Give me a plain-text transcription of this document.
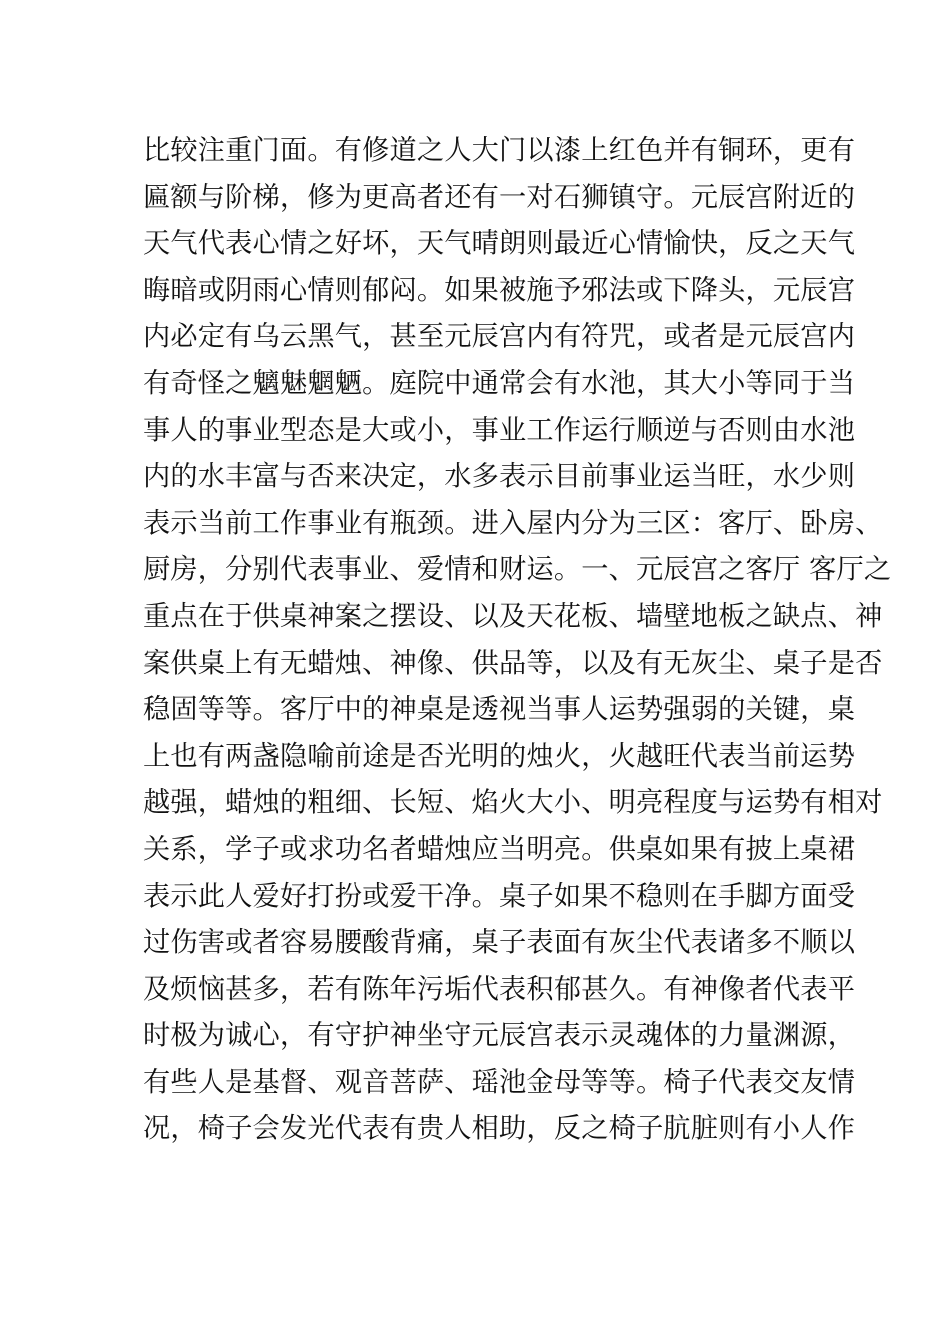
比较注重门面。有修道之人大门以漆上红色并有铜环，更有
匾额与阶梯，修为更高者还有一对石狮镇守。元辰宫附近的
天气代表心情之好坏，天气晴朗则最近心情愉快，反之天气
晦暗或阴雨心情则郁闷。如果被施予邪法或下降头，元辰宫
内必定有乌云黑气，甚至元辰宫内有符咒，或者是元辰宫内
有奇怪之魑魅魍魉。庭院中通常会有水池，其大小等同于当
事人的事业型态是大或小，事业工作运行顺逆与否则由水池
内的水丰富与否来决定，水多表示目前事业运当旺，水少则
表示当前工作事业有瓶颈。进入屋内分为三区：客厅、卧房、
厨房，分别代表事业、爱情和财运。一、元辰宫之客厅 客厅之
重点在于供桌神案之摆设、以及天花板、墙壁地板之缺点、神
案供桌上有无蜡烛、神像、供品等，以及有无灰尘、桌子是否
稳固等等。客厅中的神桌是透视当事人运势强弱的关键，桌
上也有两盏隐喻前途是否光明的烛火，火越旺代表当前运势
越强，蜡烛的粗细、长短、焰火大小、明亮程度与运势有相对
关系，学子或求功名者蜡烛应当明亮。供桌如果有披上桌裙
表示此人爱好打扮或爱干净。桌子如果不稳则在手脚方面受
过伤害或者容易腰酸背痛，桌子表面有灰尘代表诸多不顺以
及烦恼甚多，若有陈年污垢代表积郁甚久。有神像者代表平
时极为诚心，有守护神坐守元辰宫表示灵魂体的力量渊源，
有些人是基督、观音菩萨、瑶池金母等等。椅子代表交友情
况，椅子会发光代表有贵人相助，反之椅子肮脏则有小人作
